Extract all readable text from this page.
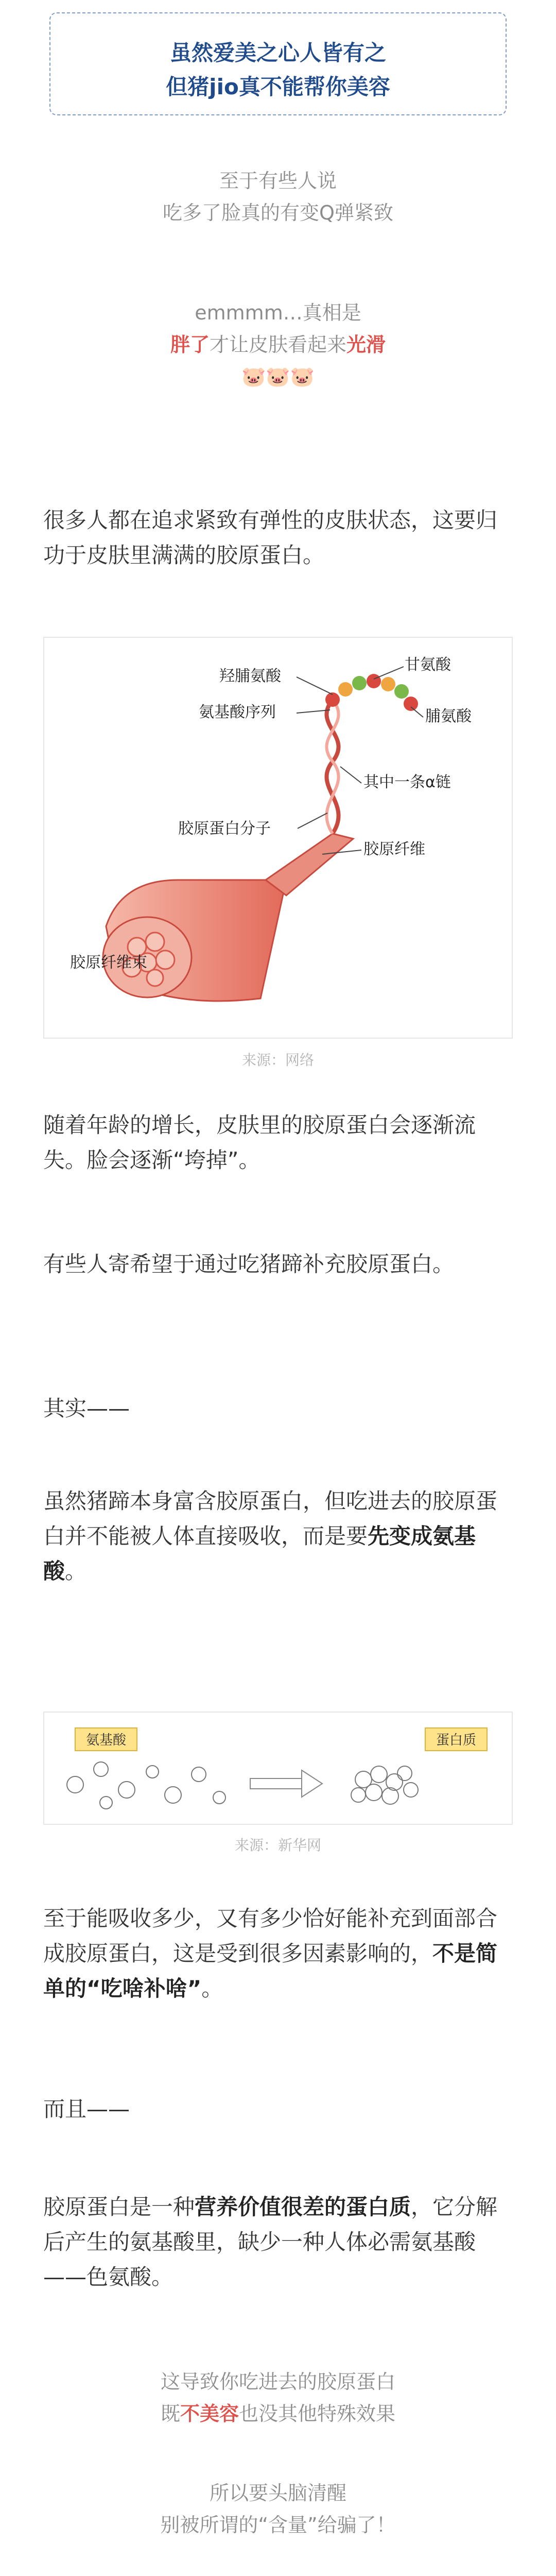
虽然爱美之心人皆有之
但猪jio真不能帮你美容
至于有些人说
吃多了脸真的有变Q弹紧致
emmmm…真相是
胖了才让皮肤看起来光滑
🐷🐷🐷
很多人都在追求紧致有弹性的皮肤状态，这要归功于皮肤里满满的胶原蛋白。
羟脯氨酸
氨基酸序列
甘氨酸
脯氨酸
胶原蛋白分子
其中一条α链
胶原纤维
胶原纤维束
来源：网络
随着年龄的增长，皮肤里的胶原蛋白会逐渐流失。脸会逐渐“垮掉”。
有些人寄希望于通过吃猪蹄补充胶原蛋白。
其实——
虽然猪蹄本身富含胶原蛋白，但吃进去的胶原蛋白并不能被人体直接吸收，而是要先变成氨基酸。
氨基酸	蛋白质
来源：新华网
至于能吸收多少，又有多少恰好能补充到面部合成胶原蛋白，这是受到很多因素影响的，不是简单的“吃啥补啥”。
而且——
胶原蛋白是一种营养价值很差的蛋白质，它分解后产生的氨基酸里，缺少一种人体必需氨基酸——色氨酸。
这导致你吃进去的胶原蛋白
既不美容也没其他特殊效果
所以要头脑清醒
别被所谓的“含量”给骗了！
